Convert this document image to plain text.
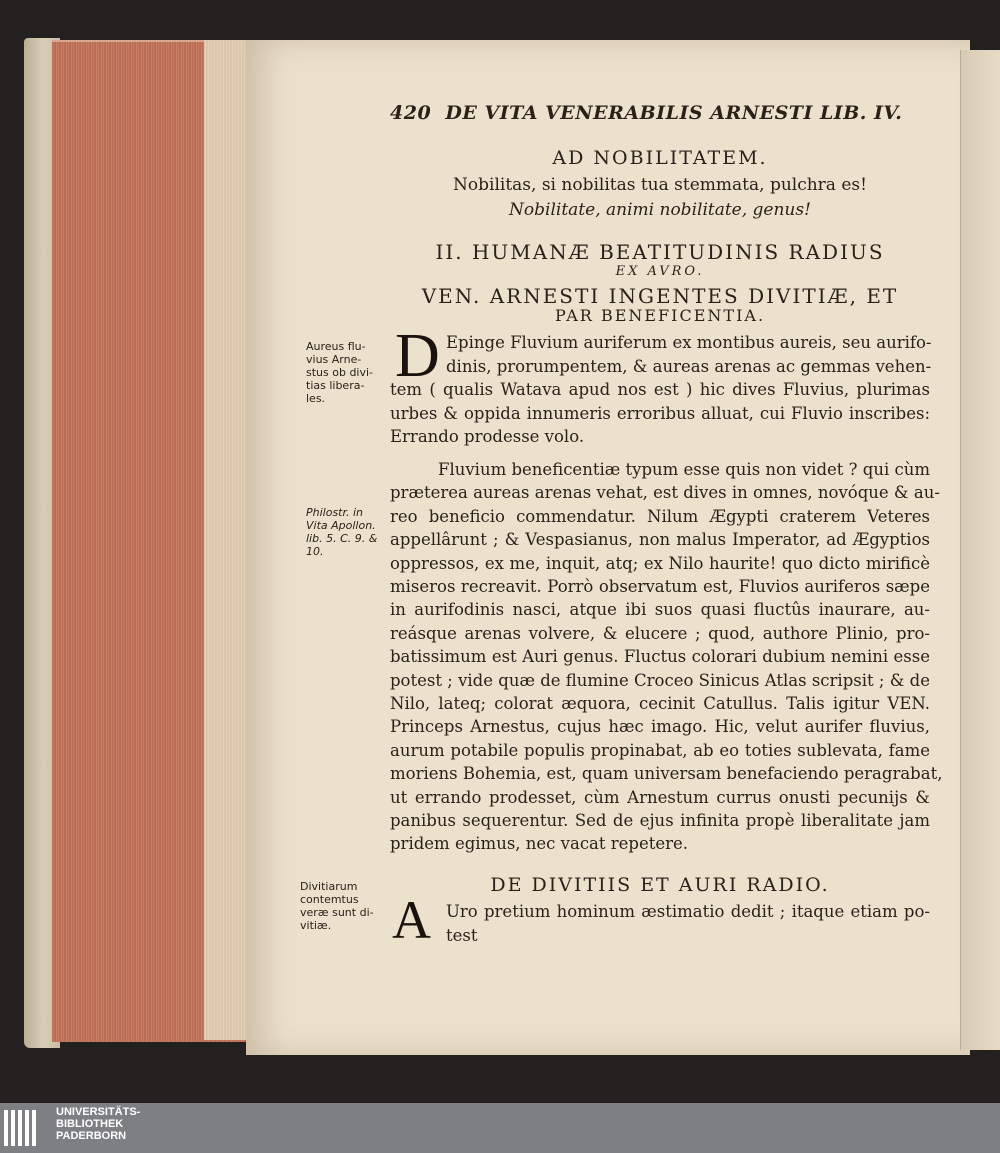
420 DE VITA VENERABILIS ARNESTI LIB. IV.
AD NOBILITATEM.
Nobilitas, si nobilitas tua stemmata, pulchra es!
Nobilitate, animi nobilitate, genus!
II. HUMANÆ BEATITUDINIS RADIUS
EX AVRO.
VEN. ARNESTI INGENTES DIVITIÆ, ET
PAR BENEFICENTIA.
D Epinge Fluvium auriferum ex montibus aureis, seu aurifo-
dinis, prorumpentem, & aureas arenas ac gemmas vehen-
tem ( qualis Watava apud nos est ) hic dives Fluvius, plurimas
urbes & oppida innumeris erroribus alluat, cui Fluvio inscribes:
Errando prodesse volo.
Fluvium beneficentiæ typum esse quis non videt ? qui cùm
præterea aureas arenas vehat, est dives in omnes, novóque & au-
reo beneficio commendatur. Nilum Ægypti craterem Veteres
appellârunt ; & Vespasianus, non malus Imperator, ad Ægyptios
oppressos, ex me, inquit, atq; ex Nilo haurite! quo dicto mirificè
miseros recreavit. Porrò observatum est, Fluvios auriferos sæpe
in aurifodinis nasci, atque ibi suos quasi fluctûs inaurare, au-
reásque arenas volvere, & elucere ; quod, authore Plinio, pro-
batissimum est Auri genus. Fluctus colorari dubium nemini esse
potest ; vide quæ de flumine Croceo Sinicus Atlas scripsit ; & de
Nilo, lateq; colorat æquora, cecinit Catullus. Talis igitur VEN.
Princeps Arnestus, cujus hæc imago. Hic, velut aurifer fluvius,
aurum potabile populis propinabat, ab eo toties sublevata, fame
moriens Bohemia, est, quam universam benefaciendo peragrabat,
ut errando prodesset, cùm Arnestum currus onusti pecunijs &
panibus sequerentur. Sed de ejus infinita propè liberalitate jam
pridem egimus, nec vacat repetere.
DE DIVITIIS ET AURI RADIO.
A Uro pretium hominum æstimatio dedit ; itaque etiam po-
test
Aureus flu-
vius Arne-
stus ob divi-
tias libera-
les.
Philostr. in
Vita Apollon.
lib. 5. C. 9. &
10.
Divitiarum
contemtus
veræ sunt di-
vitiæ.
UNIVERSITÄTS-
BIBLIOTHEK
PADERBORN
